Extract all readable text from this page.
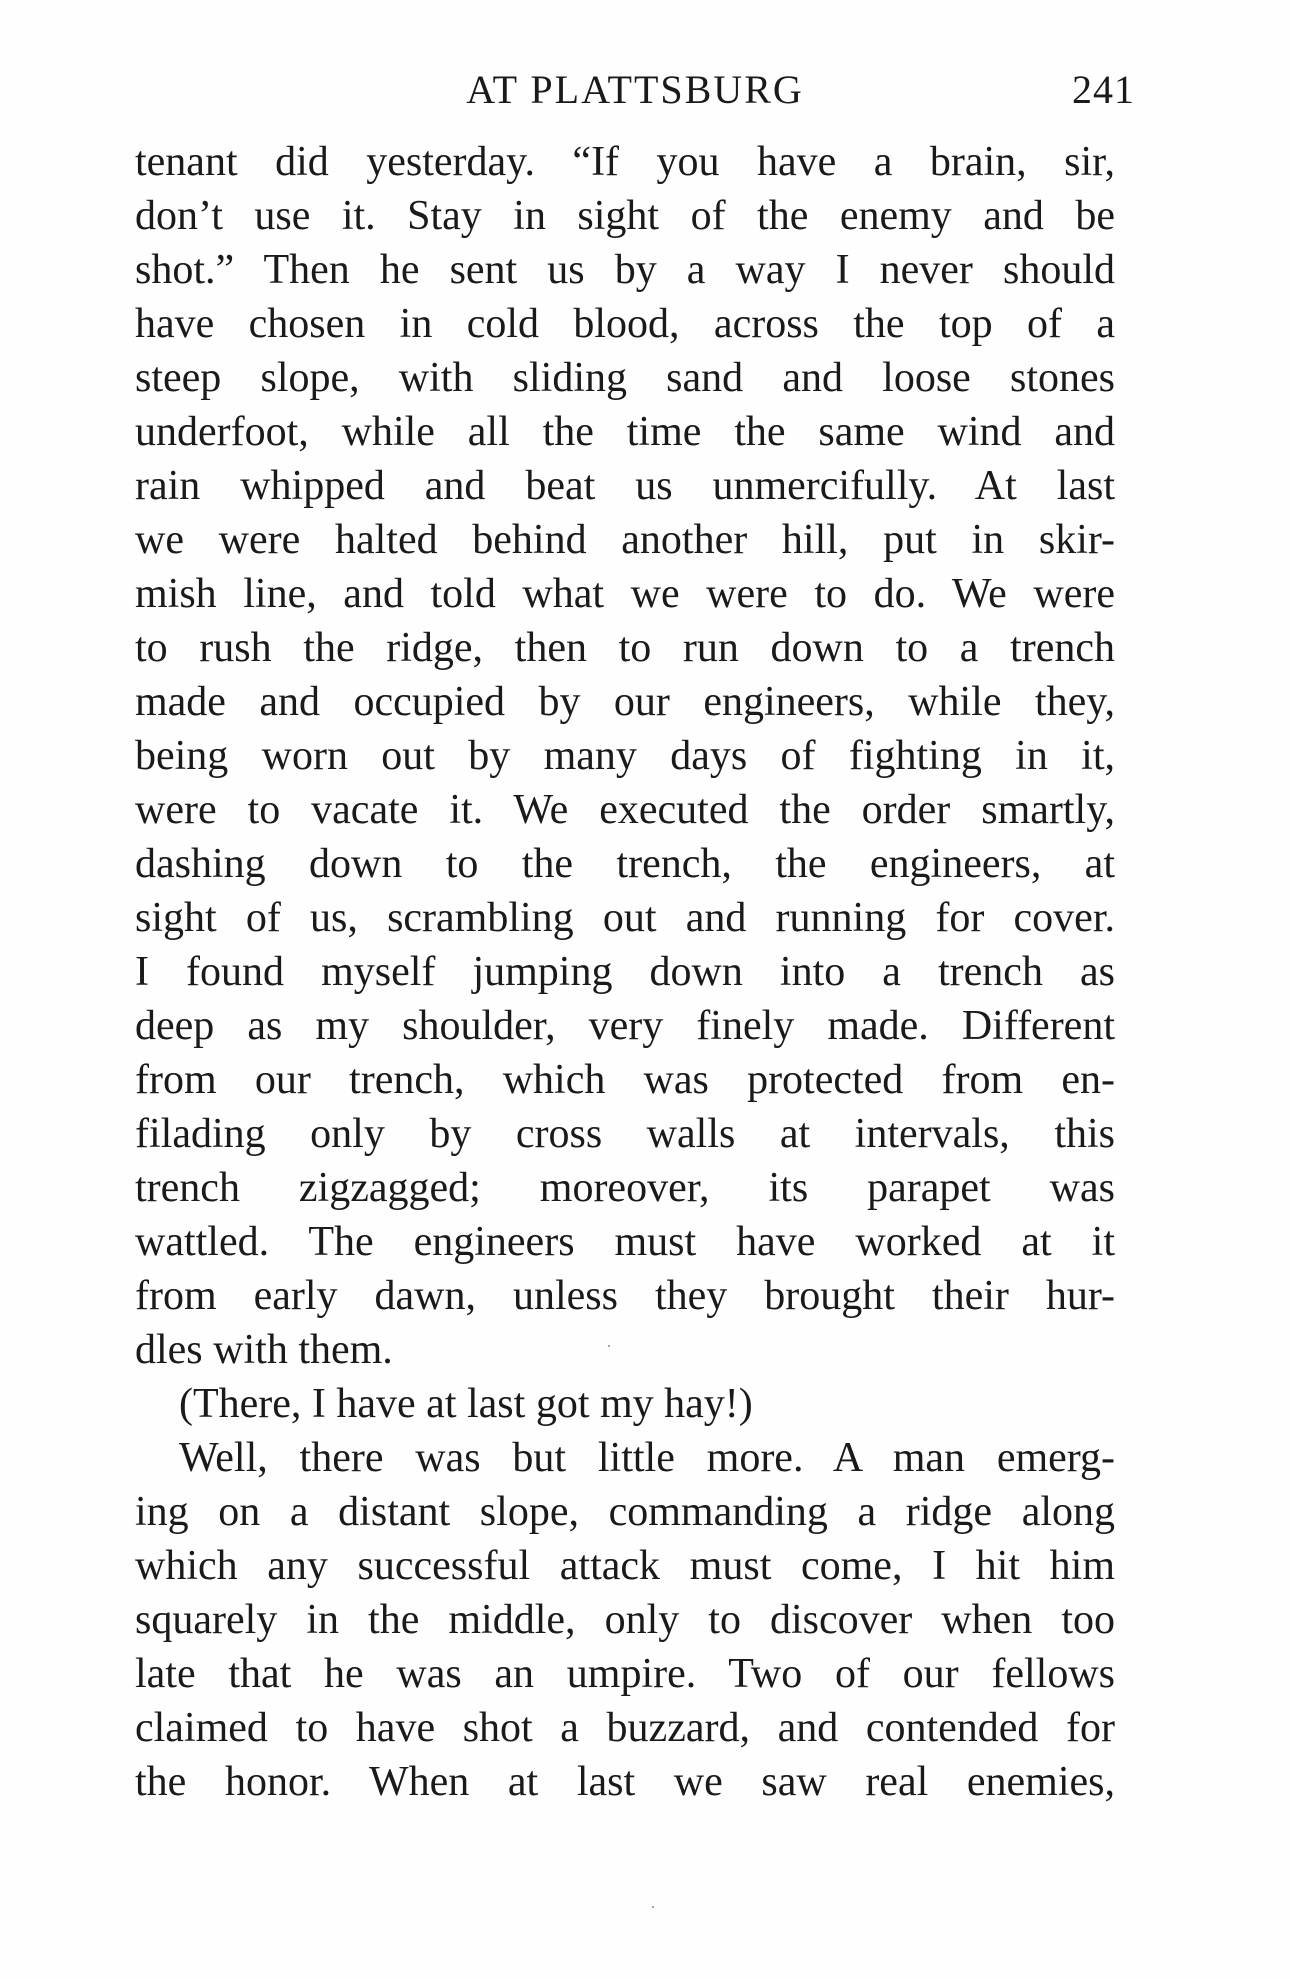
AT PLATTSBURG	241
tenant did yesterday. “If you have a brain, sir,
don’t use it. Stay in sight of the enemy and be
shot.” Then he sent us by a way I never should
have chosen in cold blood, across the top of a
steep slope, with sliding sand and loose stones
underfoot, while all the time the same wind and
rain whipped and beat us unmercifully. At last
we were halted behind another hill, put in skir-
mish line, and told what we were to do. We were
to rush the ridge, then to run down to a trench
made and occupied by our engineers, while they,
being worn out by many days of fighting in it,
were to vacate it. We executed the order smartly,
dashing down to the trench, the engineers, at
sight of us, scrambling out and running for cover.
I found myself jumping down into a trench as
deep as my shoulder, very finely made. Different
from our trench, which was protected from en-
filading only by cross walls at intervals, this
trench zigzagged; moreover, its parapet was
wattled. The engineers must have worked at it
from early dawn, unless they brought their hur-
dles with them.
(There, I have at last got my hay!)
Well, there was but little more. A man emerg-
ing on a distant slope, commanding a ridge along
which any successful attack must come, I hit him
squarely in the middle, only to discover when too
late that he was an umpire. Two of our fellows
claimed to have shot a buzzard, and contended for
the honor. When at last we saw real enemies,
